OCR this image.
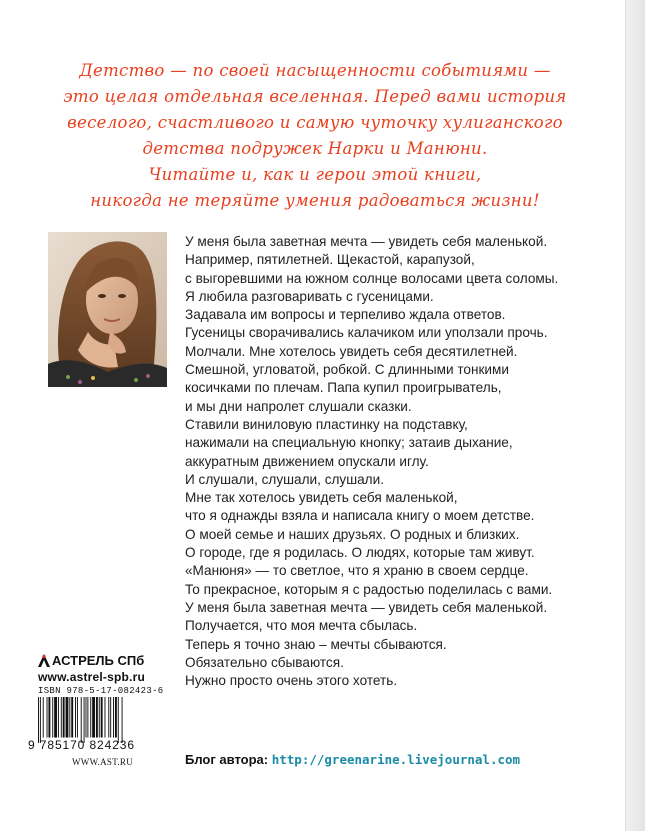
Детство — по своей насыщенности событиями —
это целая отдельная вселенная. Перед вами история
веселого, счастливого и самую чуточку хулиганского
детства подружек Нарки и Манюни.
Читайте и, как и герои этой книги,
никогда не теряйте умения радоваться жизни!
У меня была заветная мечта — увидеть себя маленькой.
Например, пятилетней. Щекастой, карапузой,
с выгоревшими на южном солнце волосами цвета соломы.
Я любила разговаривать с гусеницами.
Задавала им вопросы и терпеливо ждала ответов.
Гусеницы сворачивались калачиком или уползали прочь.
Молчали. Мне хотелось увидеть себя десятилетней.
Смешной, угловатой, робкой. С длинными тонкими
косичками по плечам. Папа купил проигрыватель,
и мы дни напролет слушали сказки.
Ставили виниловую пластинку на подставку,
нажимали на специальную кнопку; затаив дыхание,
аккуратным движением опускали иглу.
И слушали, слушали, слушали.
Мне так хотелось увидеть себя маленькой,
что я однажды взяла и написала книгу о моем детстве.
О моей семье и наших друзьях. О родных и близких.
О городе, где я родилась. О людях, которые там живут.
«Манюня» — то светлое, что я храню в своем сердце.
То прекрасное, которым я с радостью поделилась с вами.
У меня была заветная мечта — увидеть себя маленькой.
Получается, что моя мечта сбылась.
Теперь я точно знаю – мечты сбываются.
Обязательно сбываются.
Нужно просто очень этого хотеть.
АСТРЕЛЬ СПб
www.astrel-spb.ru
ISBN 978-5-17-082423-6
9 785170 824236
WWW.AST.RU	Блог автора: http://greenarine.livejournal.com
